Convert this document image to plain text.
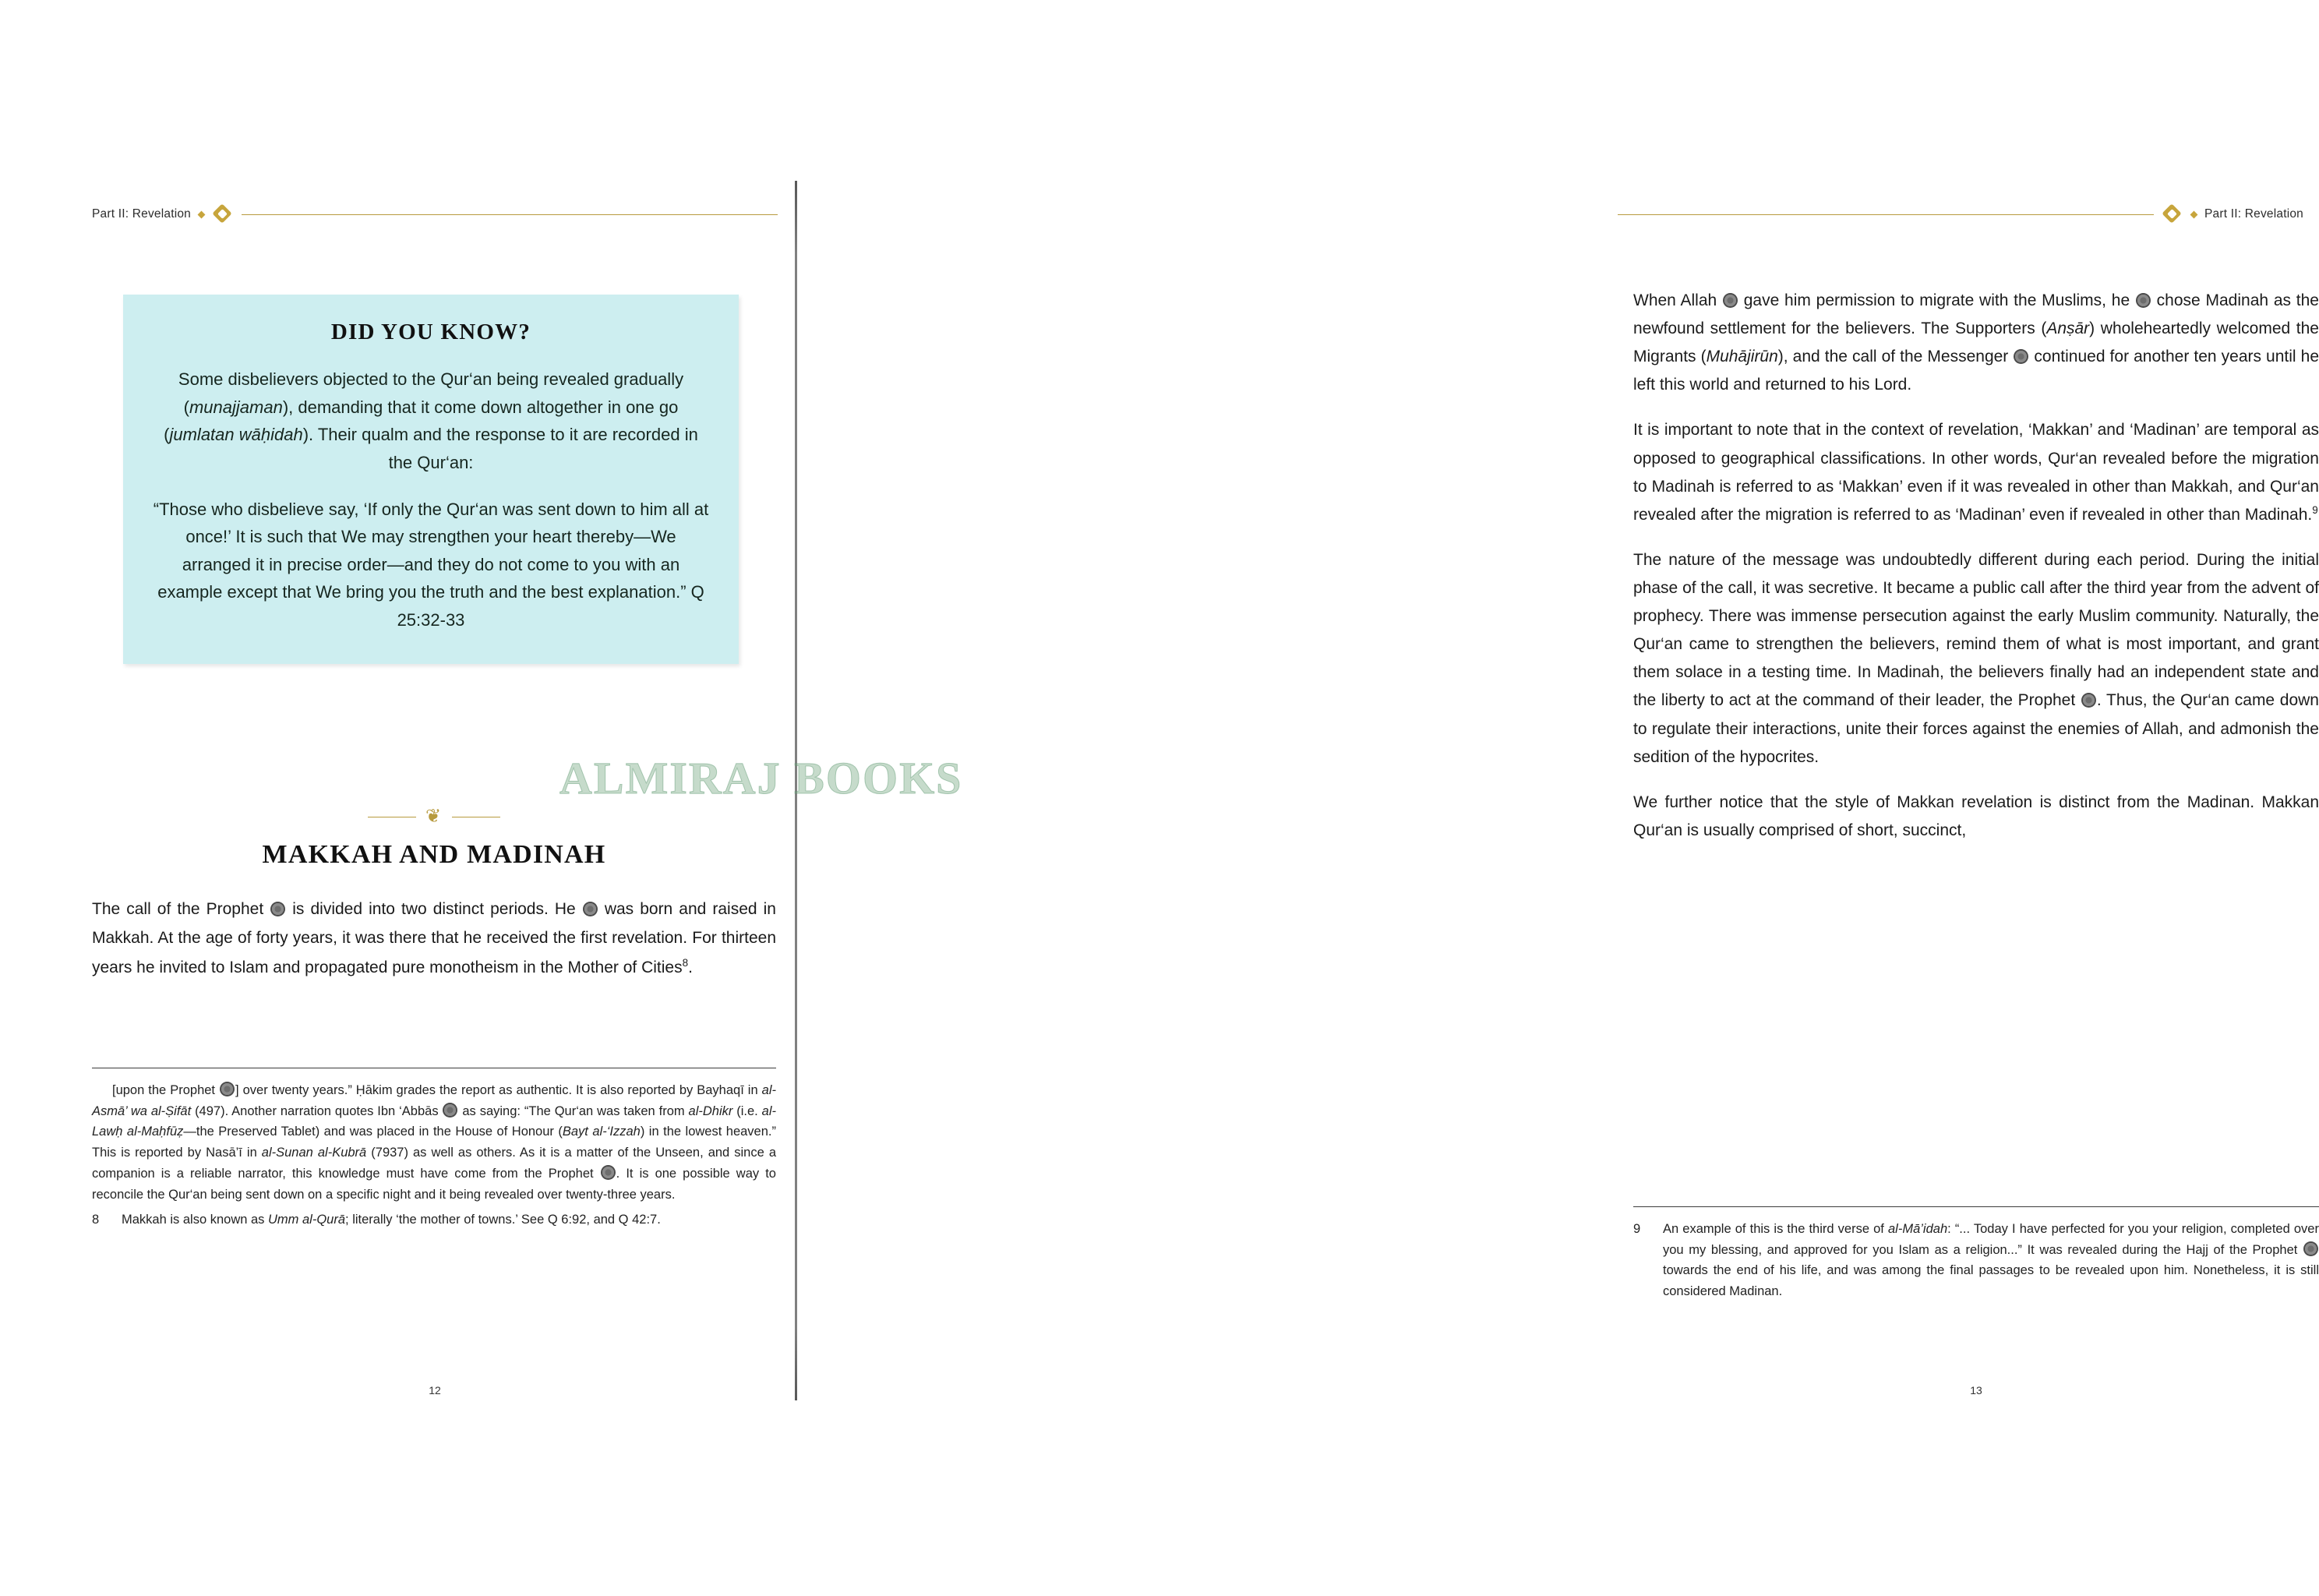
Part II: Revelation
DID YOU KNOW?

Some disbelievers objected to the Qur‘an being revealed gradually (munajjaman), demanding that it come down altogether in one go (jumlatan wāḥidah). Their qualm and the response to it are recorded in the Qur‘an:

“Those who disbelieve say, ‘If only the Qur‘an was sent down to him all at once!’ It is such that We may strengthen your heart thereby—We arranged it in precise order—and they do not come to you with an example except that We bring you the truth and the best explanation.” Q 25:32-33

❦
MAKKAH AND MADINAH

The call of the Prophet  is divided into two distinct periods. He  was born and raised in Makkah. At the age of forty years, it was there that he received the first revelation. For thirteen years he invited to Islam and propagated pure monotheism in the Mother of Cities$^8$.

[upon the Prophet ] over twenty years.” Ḥākim grades the report as authentic. It is also reported by Bayhaqī in al-Asmā’ wa al-Ṣifāt (497). Another narration quotes Ibn ‘Abbās  as saying: “The Qur‘an was taken from al-Dhikr (i.e. al-Lawḥ al-Maḥfūẓ—the Preserved Tablet) and was placed in the House of Honour (Bayt al-‘Izzah) in the lowest heaven.” This is reported by Nasā’ī in al-Sunan al-Kubrā (7937) as well as others. As it is a matter of the Unseen, and since a companion is a reliable narrator, this knowledge must have come from the Prophet . It is one possible way to reconcile the Qur‘an being sent down on a specific night and it being revealed over twenty-three years.
8	Makkah is also known as Umm al-Qurā; literally ‘the mother of towns.’ See Q 6:92, and Q 42:7.
12
Part II: Revelation

When Allah  gave him permission to migrate with the Muslims, he  chose Madinah as the newfound settlement for the believers. The Supporters (Anṣār) wholeheartedly welcomed the Migrants (Muhājirūn), and the call of the Messenger  continued for another ten years until he left this world and returned to his Lord.

It is important to note that in the context of revelation, ‘Makkan’ and ‘Madinan’ are temporal as opposed to geographical classifications. In other words, Qur‘an revealed before the migration to Madinah is referred to as ‘Makkan’ even if it was revealed in other than Makkah, and Qur‘an revealed after the migration is referred to as ‘Madinan’ even if revealed in other than Madinah.$^9$

The nature of the message was undoubtedly different during each period. During the initial phase of the call, it was secretive. It became a public call after the third year from the advent of prophecy. There was immense persecution against the early Muslim community. Naturally, the Qur‘an came to strengthen the believers, remind them of what is most important, and grant them solace in a testing time. In Madinah, the believers finally had an independent state and the liberty to act at the command of their leader, the Prophet . Thus, the Qur‘an came down to regulate their interactions, unite their forces against the enemies of Allah, and admonish the sedition of the hypocrites.

We further notice that the style of Makkan revelation is distinct from the Madinan. Makkan Qur‘an is usually comprised of short, succinct,

9	An example of this is the third verse of al-Mā’idah: “... Today I have perfected for you your religion, completed over you my blessing, and approved for you Islam as a religion...” It was revealed during the Hajj of the Prophet  towards the end of his life, and was among the final passages to be revealed upon him. Nonetheless, it is still considered Madinan.
13
ALMIRAJ BOOKS
